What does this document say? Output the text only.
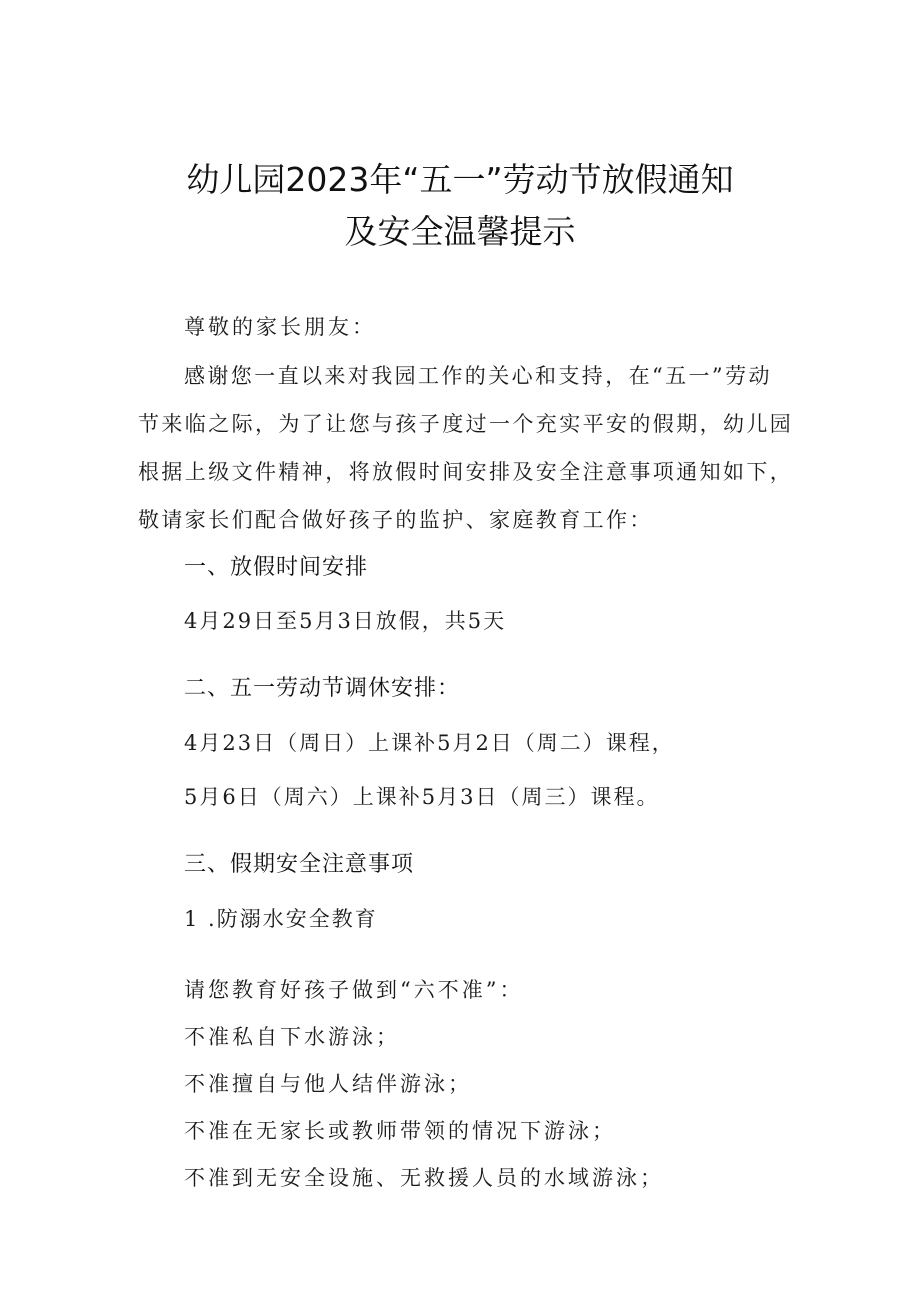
幼儿园2023年“五一”劳动节放假通知
及安全温馨提示
尊敬的家长朋友：
感谢您一直以来对我园工作的关心和支持，在“五一”劳动
节来临之际，为了让您与孩子度过一个充实平安的假期，幼儿园
根据上级文件精神，将放假时间安排及安全注意事项通知如下，
敬请家长们配合做好孩子的监护、家庭教育工作：
一、放假时间安排
4月29日至5月3日放假，共5天
二、五一劳动节调休安排：
4月23日（周日）上课补5月2日（周二）课程，
5月6日（周六）上课补5月3日（周三）课程。
三、假期安全注意事项
1 .防溺水安全教育
请您教育好孩子做到“六不准”：
不准私自下水游泳；
不准擅自与他人结伴游泳；
不准在无家长或教师带领的情况下游泳；
不准到无安全设施、无救援人员的水域游泳；
